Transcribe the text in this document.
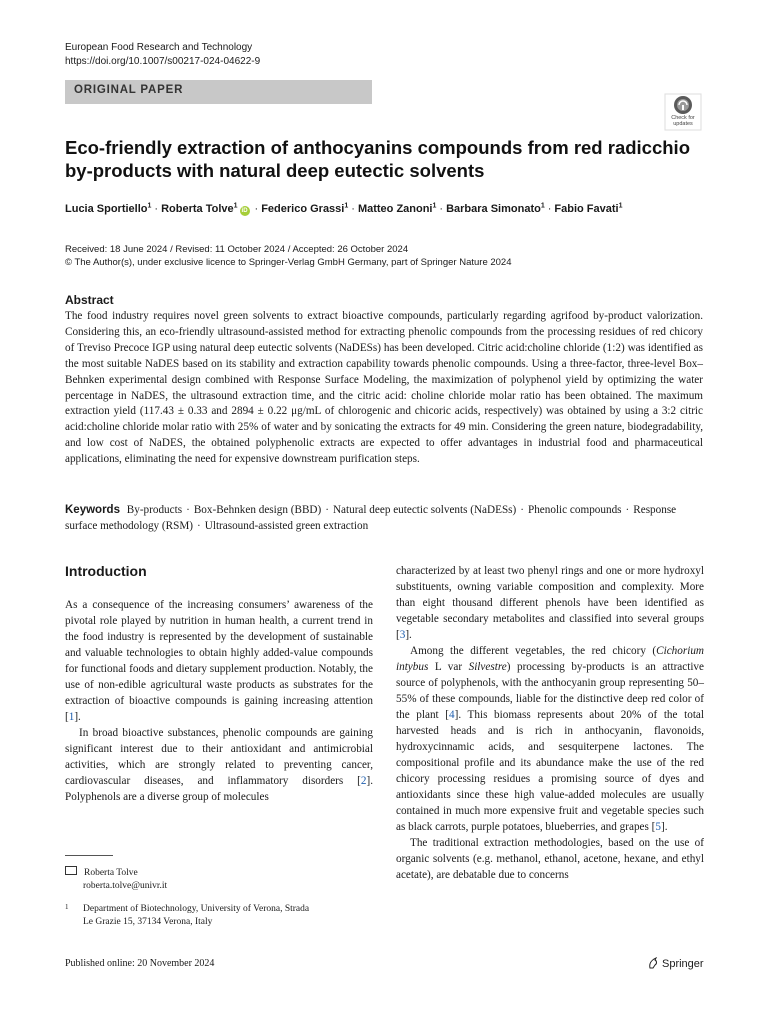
European Food Research and Technology
https://doi.org/10.1007/s00217-024-04622-9
ORIGINAL PAPER
Check for
updates
Eco-friendly extraction of anthocyanins compounds from red radicchio by-products with natural deep eutectic solvents
Lucia Sportiello$^1$ · Roberta Tolve$^1$iD · Federico Grassi$^1$ · Matteo Zanoni$^1$ · Barbara Simonato$^1$ · Fabio Favati$^1$
Received: 18 June 2024 / Revised: 11 October 2024 / Accepted: 26 October 2024
© The Author(s), under exclusive licence to Springer-Verlag GmbH Germany, part of Springer Nature 2024
Abstract
The food industry requires novel green solvents to extract bioactive compounds, particularly regarding agrifood by-product valorization. Considering this, an eco-friendly ultrasound-assisted method for extracting phenolic compounds from the processing residues of red chicory of Treviso Precoce IGP using natural deep eutectic solvents (NaDESs) has been developed. Citric acid:choline chloride (1:2) was identified as the most suitable NaDES based on its stability and extraction capability towards phenolic compounds. Using a three-factor, three-level Box–Behnken experimental design combined with Response Surface Modeling, the maximization of polyphenol yield by optimizing the water percentage in NaDES, the ultrasound extraction time, and the citric acid: choline chloride molar ratio has been obtained. The maximum extraction yield (117.43 ± 0.33 and 2894 ± 0.22 μg/mL of chlorogenic and chicoric acids, respectively) was obtained by using a 3:2 citric acid:choline chloride molar ratio with 25% of water and by sonicating the extracts for 49 min. Considering the green nature, biodegradability, and low cost of NaDES, the obtained polyphenolic extracts are expected to offer advantages in industrial food and pharmaceutical applications, eliminating the need for expensive downstream purification steps.
Keywords By-products · Box-Behnken design (BBD) · Natural deep eutectic solvents (NaDESs) · Phenolic compounds · Response surface methodology (RSM) · Ultrasound-assisted green extraction
Introduction

As a consequence of the increasing consumers’ awareness of the pivotal role played by nutrition in human health, a current trend in the food industry is represented by the development of sustainable and valuable technologies to obtain highly added-value compounds for functional foods and dietary supplement production. Notably, the use of non-edible agricultural waste products as substrates for the extraction of bioactive compounds is gaining increasing attention [1].

In broad bioactive substances, phenolic compounds are gaining significant interest due to their antioxidant and antimicrobial activities, which are strongly related to preventing cancer, cardiovascular diseases, and inflammatory disorders [2]. Polyphenols are a diverse group of molecules

characterized by at least two phenyl rings and one or more hydroxyl substituents, owning variable composition and complexity. More than eight thousand different phenols have been identified as vegetable secondary metabolites and classified into several groups [3].

Among the different vegetables, the red chicory (Cichorium intybus L var Silvestre) processing by-products is an attractive source of polyphenols, with the anthocyanin group representing 50–55% of these compounds, liable for the distinctive deep red color of the plant [4]. This biomass represents about 20% of the total harvested heads and is rich in anthocyanin, flavonoids, hydroxycinnamic acids, and sesquiterpene lactones. The compositional profile and its abundance make the use of the red chicory processing residues a promising source of dyes and antioxidants since these high value-added molecules are usually contained in much more expensive fruit and vegetable species such as black carrots, purple potatoes, blueberries, and grapes [5].

The traditional extraction methodologies, based on the use of organic solvents (e.g. methanol, ethanol, acetone, hexane, and ethyl acetate), are debatable due to concerns

Roberta Tolve
roberta.tolve@univr.it
1	Department of Biotechnology, University of Verona, Strada
Le Grazie 15, 37134 Verona, Italy
Published online: 20 November 2024	Springer
